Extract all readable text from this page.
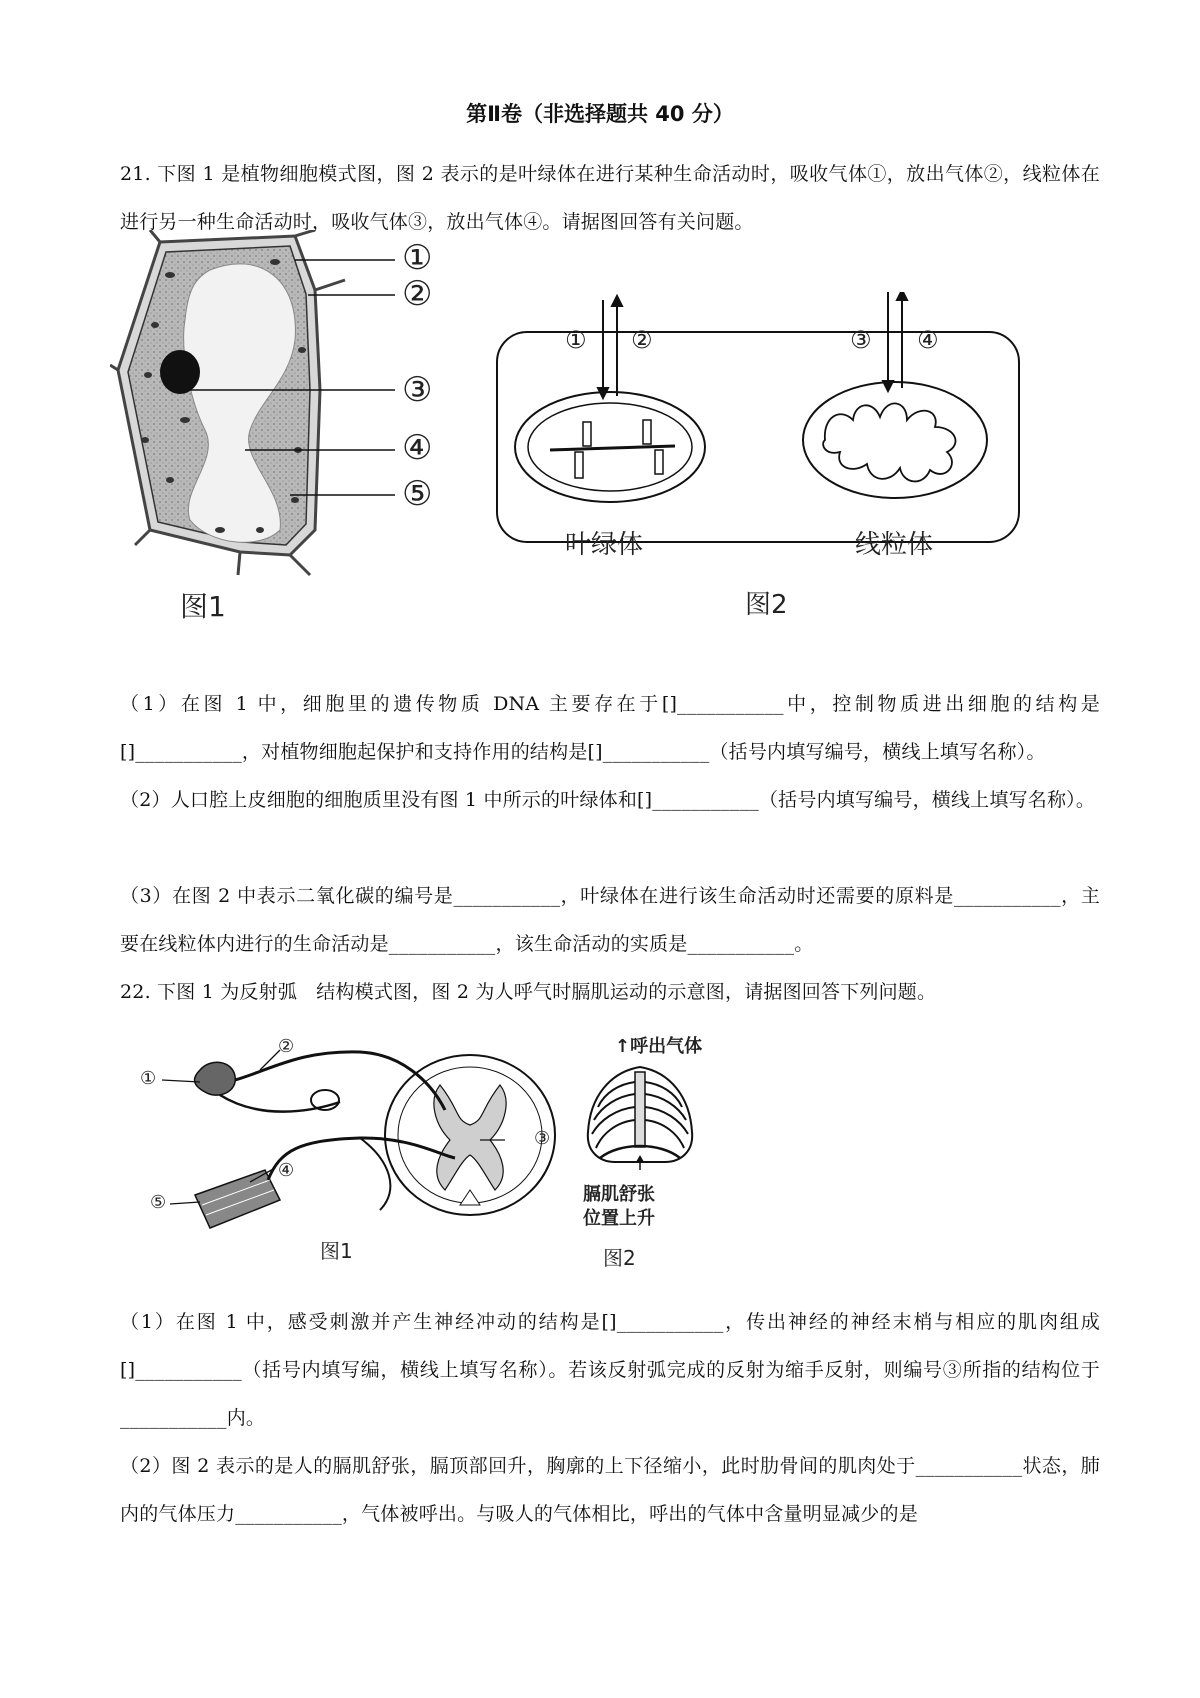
第Ⅱ卷（非选择题共 40 分）
21. 下图 1 是植物细胞模式图，图 2 表示的是叶绿体在进行某种生命活动时，吸收气体①，放出气体②，线粒体在进行另一种生命活动时，吸收气体③，放出气体④。请据图回答有关问题。
①
②
③
④
⑤
图1
① ②	③ ④
叶绿体	线粒体
图2
（1）在图 1 中，细胞里的遗传物质 DNA 主要存在于[]___________中，控制物质进出细胞的结构是[]___________，对植物细胞起保护和支持作用的结构是[]___________（括号内填写编号，横线上填写名称）。
（2）人口腔上皮细胞的细胞质里没有图 1 中所示的叶绿体和[]___________（括号内填写编号，横线上填写名称）。
（3）在图 2 中表示二氧化碳的编号是___________，叶绿体在进行该生命活动时还需要的原料是___________，主要在线粒体内进行的生命活动是___________，该生命活动的实质是___________。
22. 下图 1 为反射弧　结构模式图，图 2 为人呼气时膈肌运动的示意图，请据图回答下列问题。
①
②
③
④
⑤
图1
↑呼出气体
膈肌舒张
位置上升
图2
（1）在图 1 中，感受刺激并产生神经冲动的结构是[]___________，传出神经的神经末梢与相应的肌肉组成[]___________（括号内填写编，横线上填写名称）。若该反射弧完成的反射为缩手反射，则编号③所指的结构位于___________内。
（2）图 2 表示的是人的膈肌舒张，膈顶部回升，胸廓的上下径缩小，此时肋骨间的肌肉处于___________状态，肺内的气体压力___________，气体被呼出。与吸人的气体相比，呼出的气体中含量明显减少的是
